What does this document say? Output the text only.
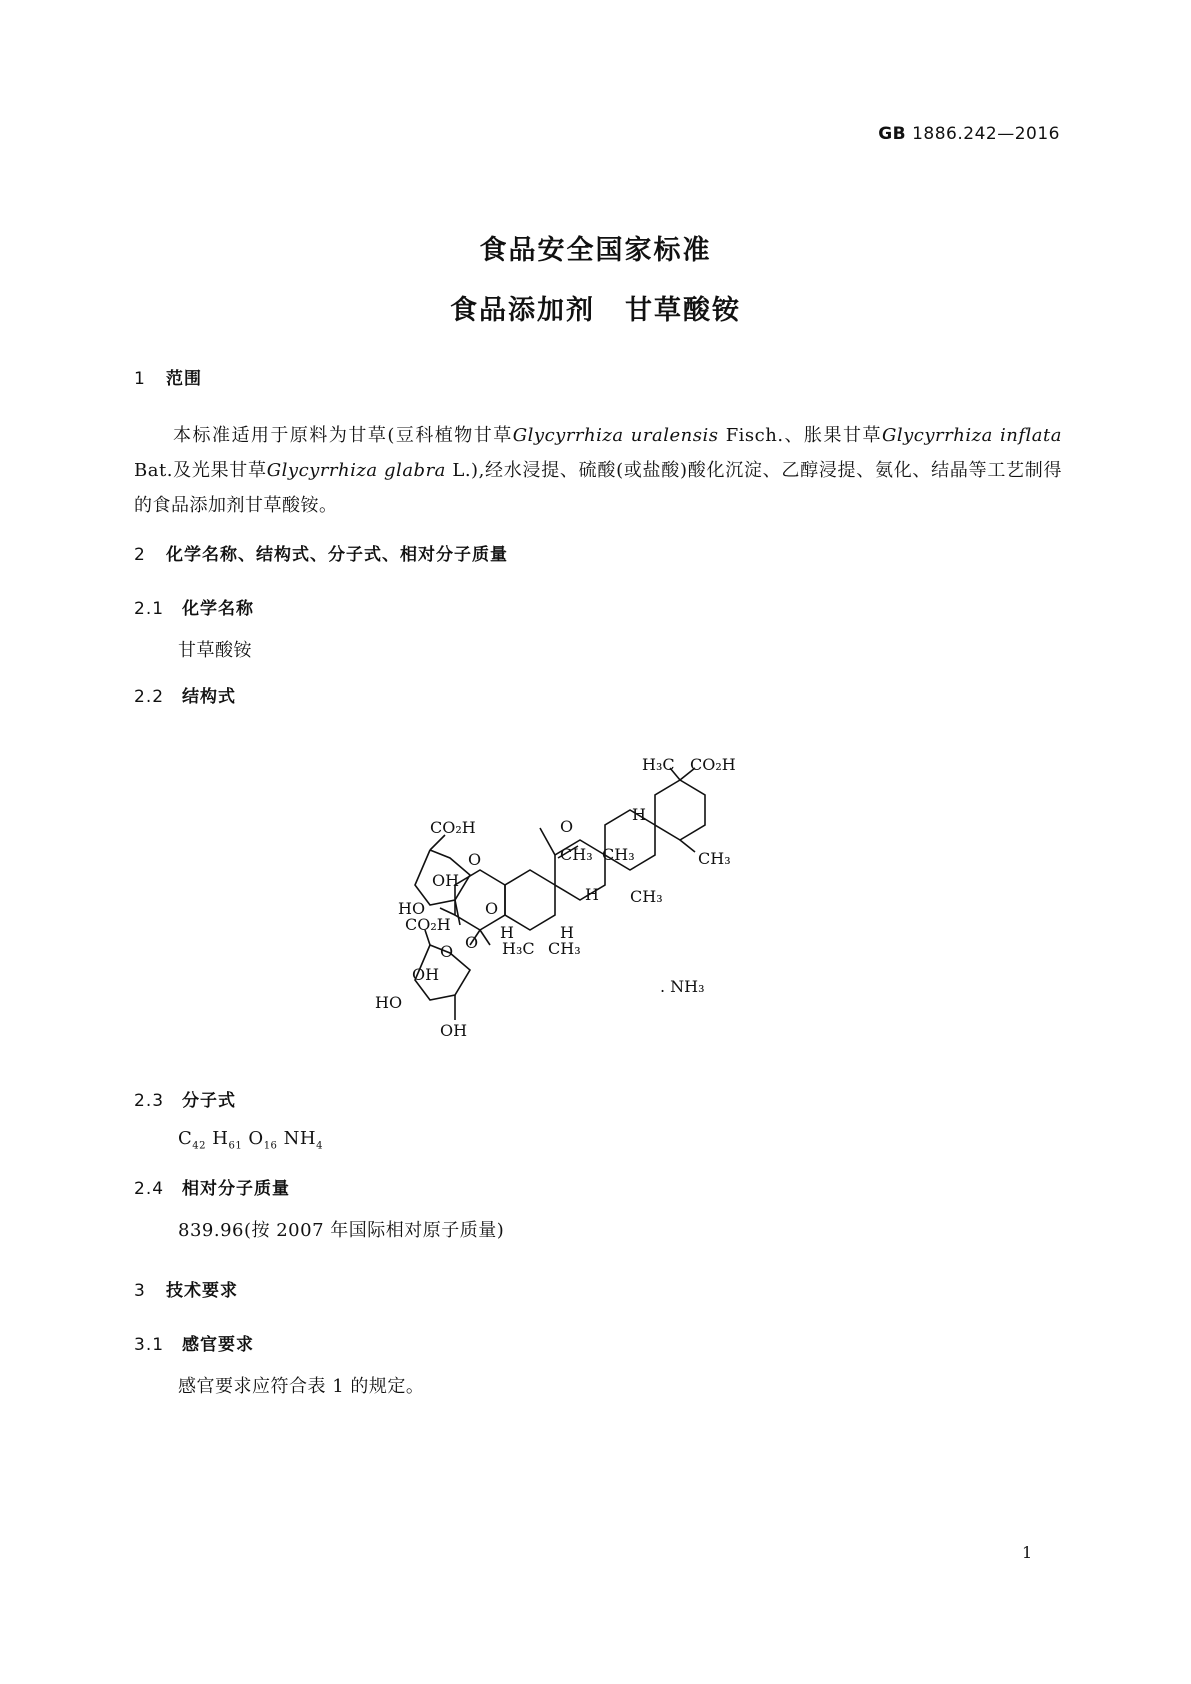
GB 1886.242—2016
食品安全国家标准
食品添加剂 甘草酸铵
1 范围
本标准适用于原料为甘草(豆科植物甘草Glycyrrhiza uralensis Fisch.、胀果甘草Glycyrrhiza inflata Bat.及光果甘草Glycyrrhiza glabra L.),经水浸提、硫酸(或盐酸)酸化沉淀、乙醇浸提、氨化、结晶等工艺制得的食品添加剂甘草酸铵。
2 化学名称、结构式、分子式、相对分子质量
2.1 化学名称
甘草酸铵
2.2 结构式
H₃C CO₂H
H
CH₃
O
CH₃ CH₃
H CH₃
H	H
H₃C CH₃
O
CO₂H
O
OH
HO
O
CO₂H
O
OH
HO
OH
. NH₃
2.3 分子式
$C_{42}$ $H_{61}$ $O_{16}$ $NH_4$
2.4 相对分子质量
839.96(按 2007 年国际相对原子质量)
3 技术要求
3.1 感官要求
感官要求应符合表 1 的规定。
1
